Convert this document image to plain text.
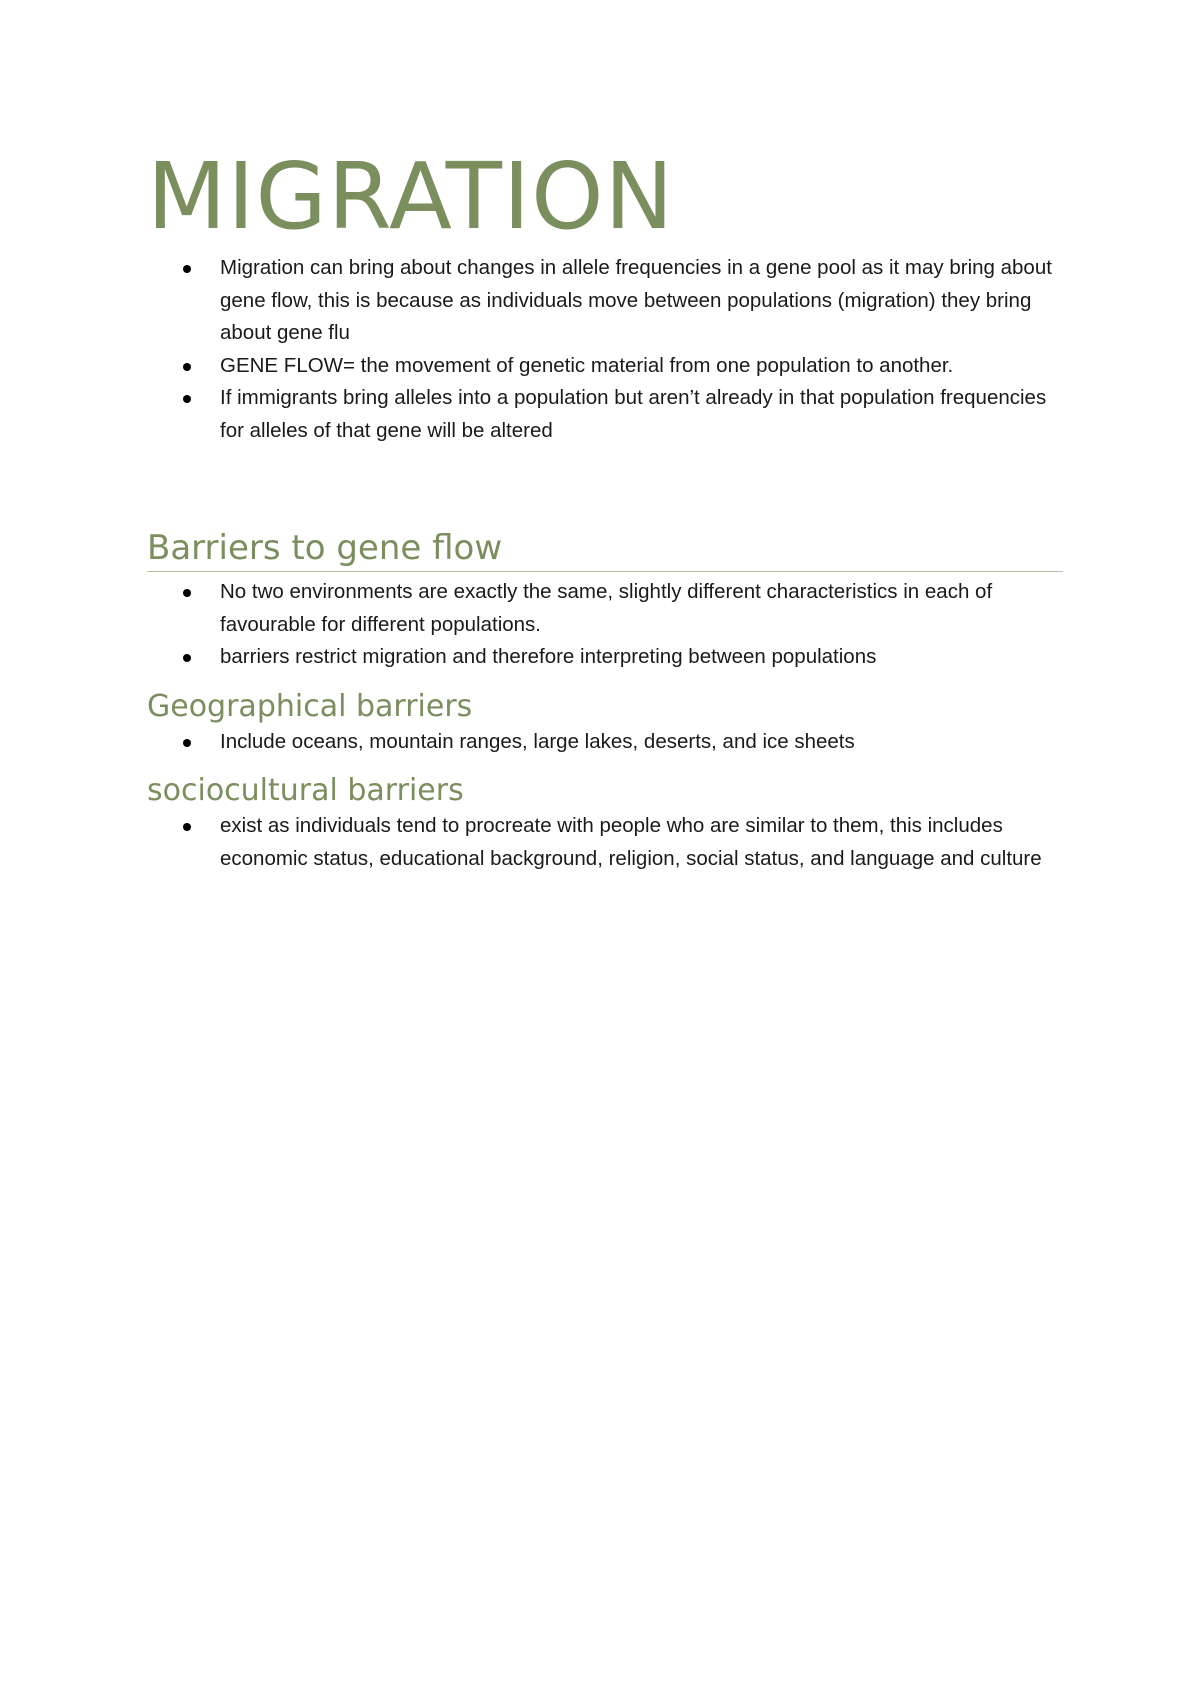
MIGRATION
Migration can bring about changes in allele frequencies in a gene pool as it may bring about gene flow, this is because as individuals move between populations (migration) they bring about gene flu
GENE FLOW= the movement of genetic material from one population to another.
If immigrants bring alleles into a population but aren’t already in that population frequencies for alleles of that gene will be altered
Barriers to gene flow
No two environments are exactly the same, slightly different characteristics in each of favourable for different populations.
barriers restrict migration and therefore interpreting between populations
Geographical barriers
Include oceans, mountain ranges, large lakes, deserts, and ice sheets
sociocultural barriers
exist as individuals tend to procreate with people who are similar to them, this includes economic status, educational background, religion, social status, and language and culture
